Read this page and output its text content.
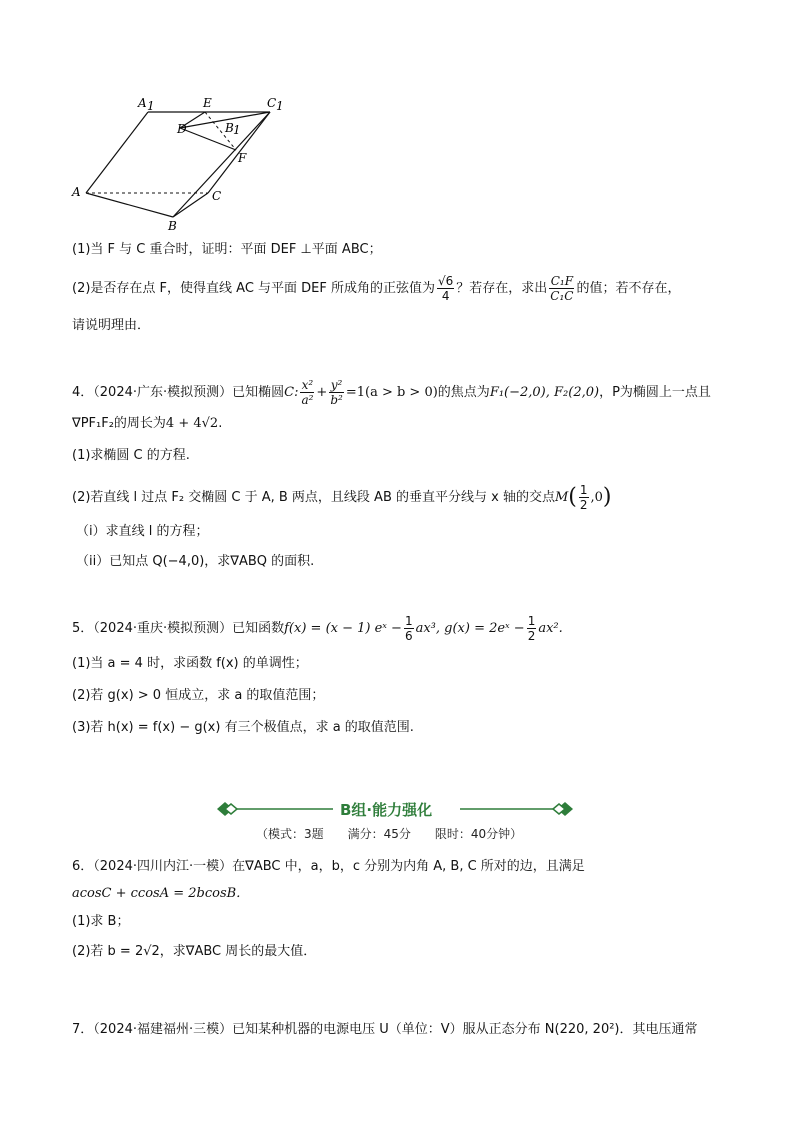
A 1	E	C 1
D	B 1
F
A	C
B
(1)当 F 与 C 重合时，证明：平面 DEF ⊥平面 ABC；
(2)是否存在点 F，使得直线 AC 与平面 DEF 所成角的正弦值为 $\frac{√6}{4}$ ？若存在，求出 $\frac{\text{C₁F}}{\text{C₁C}}$ 的值；若不存在，
请说明理由．
4．（2024·广东·模拟预测）已知椭圆C: $\frac{\text{x²}}{\text{a²}} + \frac{\text{y²}}{\text{b²}} =1(a > b > 0)$的焦点为F₁(−2,0), F₂(2,0)，P为椭圆上一点且
∇PF₁F₂的周长为4 + 4√2.
(1)求椭圆 C 的方程.
(2)若直线 l 过点 F₂ 交椭圆 C 于 A, B 两点，且线段 AB 的垂直平分线与 x 轴的交点$M( \frac{1}{2} ,0)$
（i）求直线 l 的方程；
（ii）已知点 Q(−4,0)，求∇ABQ 的面积.
5．（2024·重庆·模拟预测）已知函数f(x) = (x − 1) eˣ − $\frac{1}{6} ax^3$, g(x) = 2eˣ − $\frac{1}{2} ax^2$.
(1)当 a = 4 时，求函数 f(x) 的单调性；
(2)若 g(x) > 0 恒成立，求 a 的取值范围；
(3)若 h(x) = f(x) − g(x) 有三个极值点，求 a 的取值范围.
B组·能力强化
（模式：3题　　满分：45分　　限时：40分钟）
6．（2024·四川内江·一模）在∇ABC 中，a，b，c 分别为内角 A, B, C 所对的边，且满足
acosC + ccosA = 2bcosB．
(1)求 B；
(2)若 b = 2√2，求∇ABC 周长的最大值．
7．（2024·福建福州·三模）已知某种机器的电源电压 U（单位：V）服从正态分布 N(220, 20²)．其电压通常
